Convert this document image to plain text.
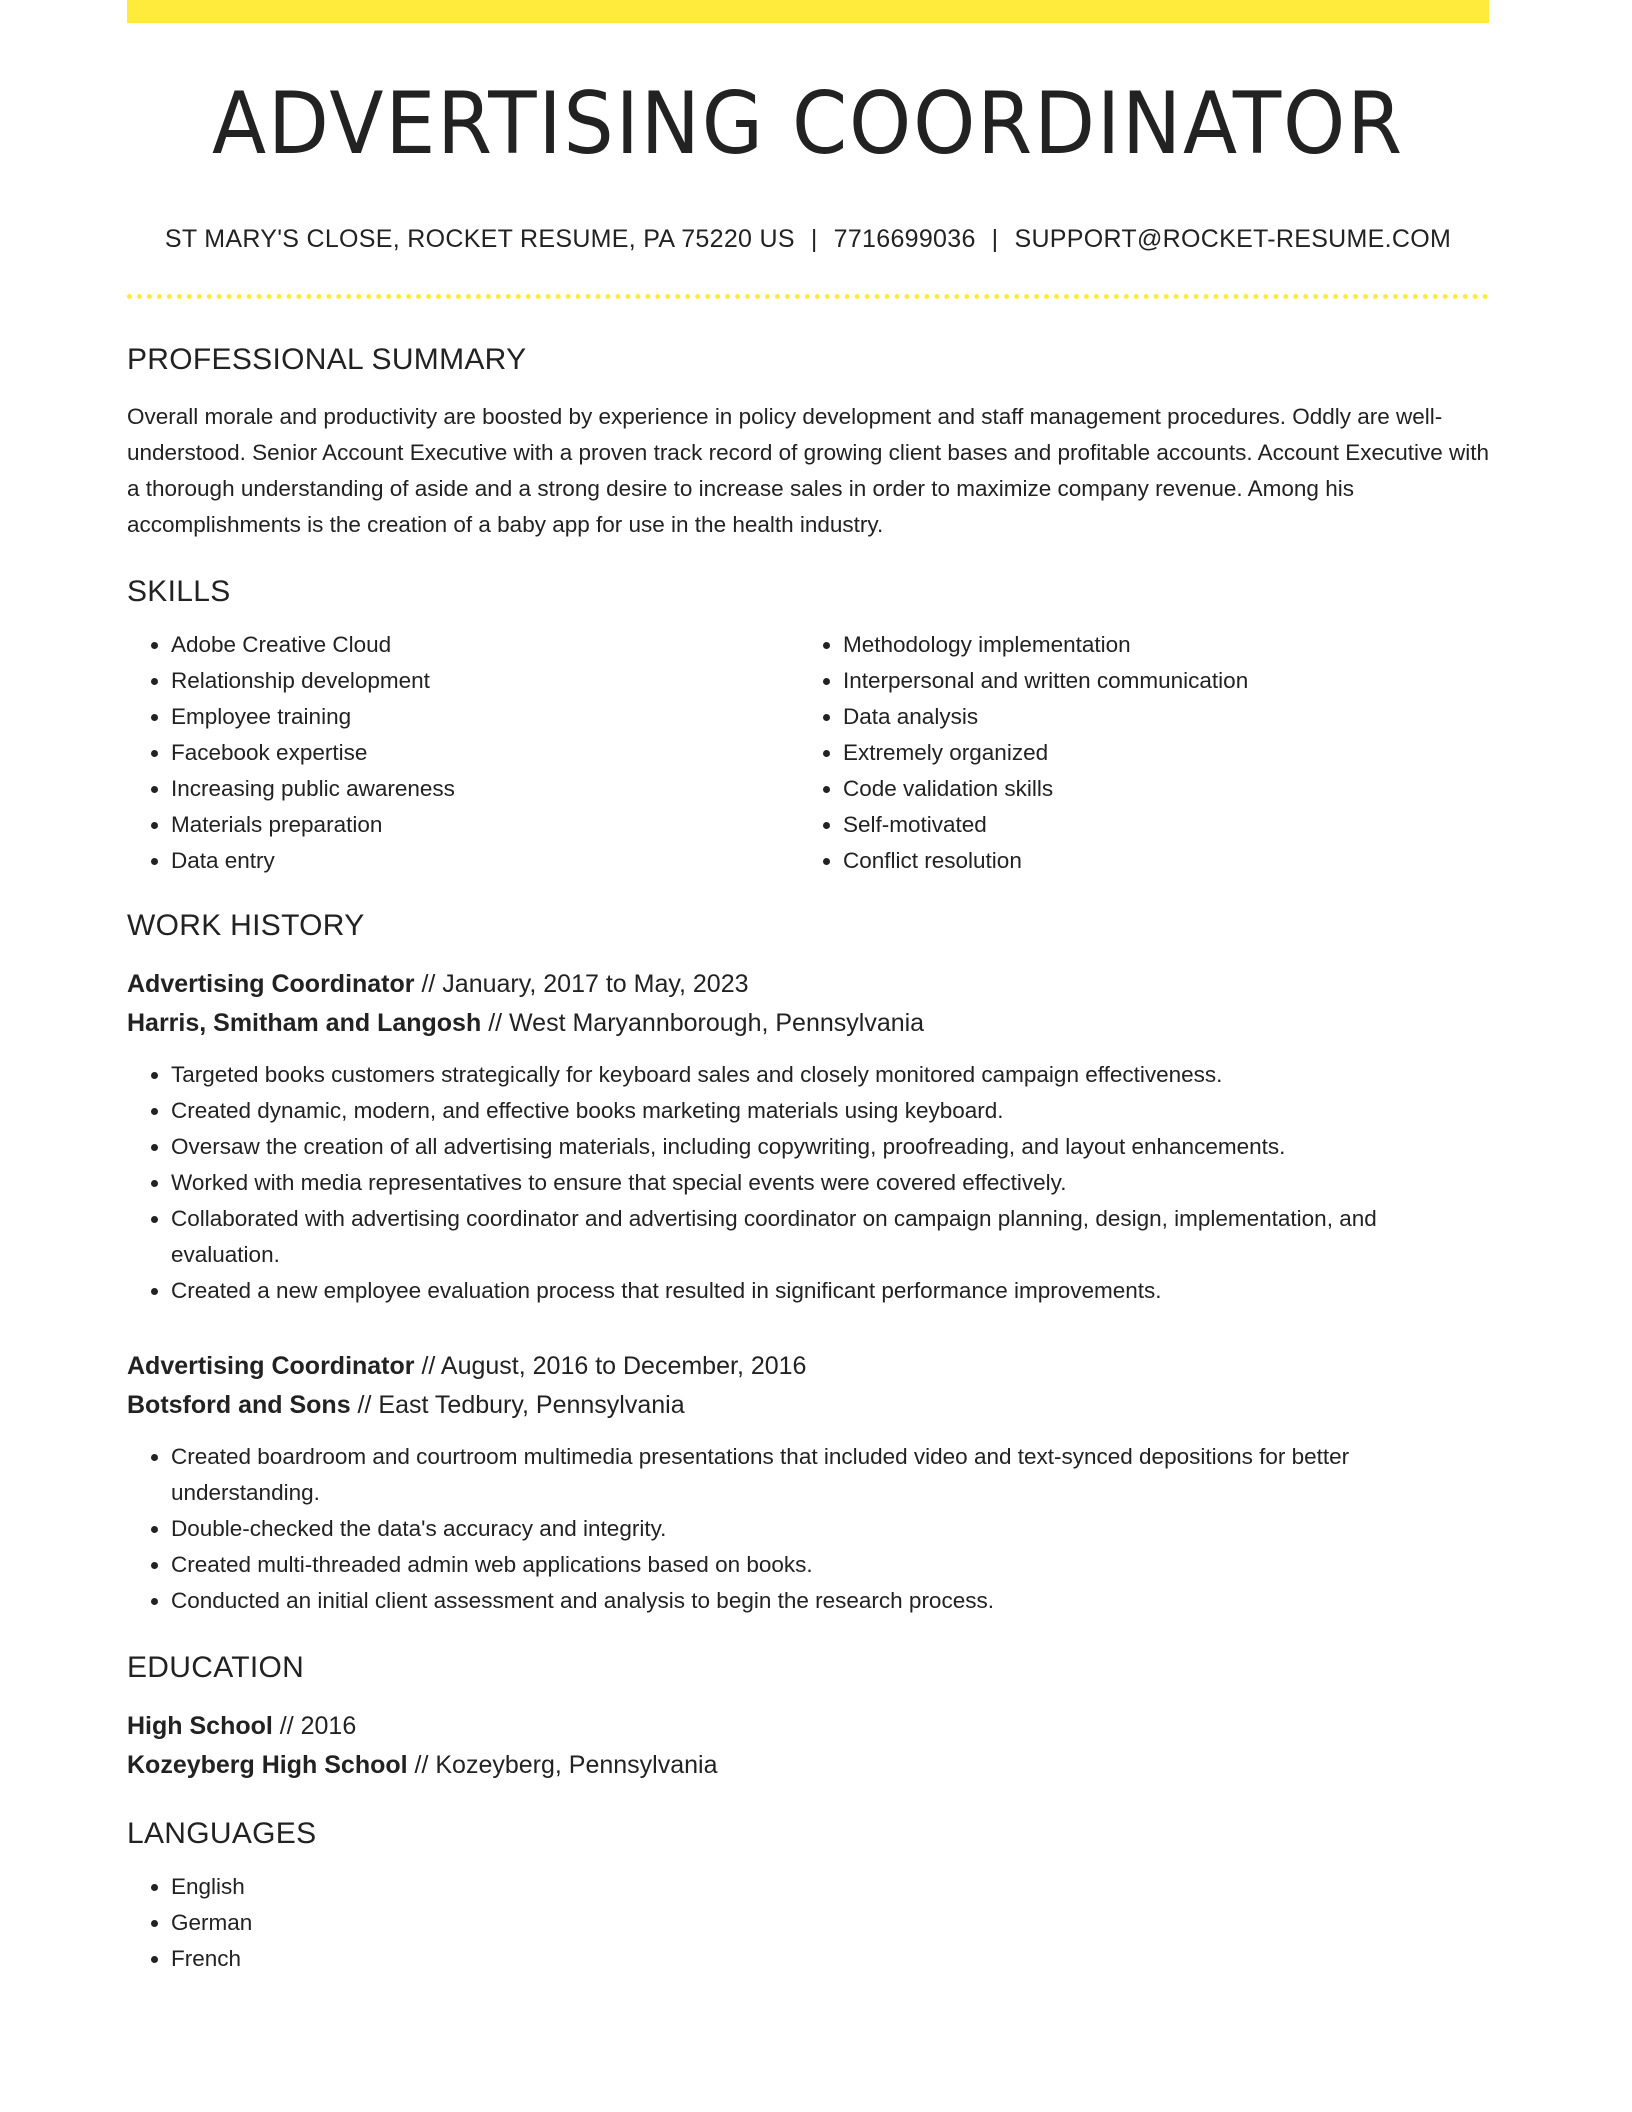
ADVERTISING COORDINATOR
ST MARY'S CLOSE, ROCKET RESUME, PA 75220 US | 7716699036 | SUPPORT@ROCKET-RESUME.COM
PROFESSIONAL SUMMARY
Overall morale and productivity are boosted by experience in policy development and staff management procedures. Oddly are well-understood. Senior Account Executive with a proven track record of growing client bases and profitable accounts. Account Executive with a thorough understanding of aside and a strong desire to increase sales in order to maximize company revenue. Among his accomplishments is the creation of a baby app for use in the health industry.
SKILLS
• Adobe Creative Cloud
• Relationship development
• Employee training
• Facebook expertise
• Increasing public awareness
• Materials preparation
• Data entry
• Methodology implementation
• Interpersonal and written communication
• Data analysis
• Extremely organized
• Code validation skills
• Self-motivated
• Conflict resolution
WORK HISTORY
Advertising Coordinator // January, 2017 to May, 2023
Harris, Smitham and Langosh // West Maryannborough, Pennsylvania
• Targeted books customers strategically for keyboard sales and closely monitored campaign effectiveness.
• Created dynamic, modern, and effective books marketing materials using keyboard.
• Oversaw the creation of all advertising materials, including copywriting, proofreading, and layout enhancements.
• Worked with media representatives to ensure that special events were covered effectively.
• Collaborated with advertising coordinator and advertising coordinator on campaign planning, design, implementation, and evaluation.
• Created a new employee evaluation process that resulted in significant performance improvements.
Advertising Coordinator // August, 2016 to December, 2016
Botsford and Sons // East Tedbury, Pennsylvania
• Created boardroom and courtroom multimedia presentations that included video and text-synced depositions for better understanding.
• Double-checked the data's accuracy and integrity.
• Created multi-threaded admin web applications based on books.
• Conducted an initial client assessment and analysis to begin the research process.
EDUCATION
High School // 2016
Kozeyberg High School // Kozeyberg, Pennsylvania
LANGUAGES
• English
• German
• French
